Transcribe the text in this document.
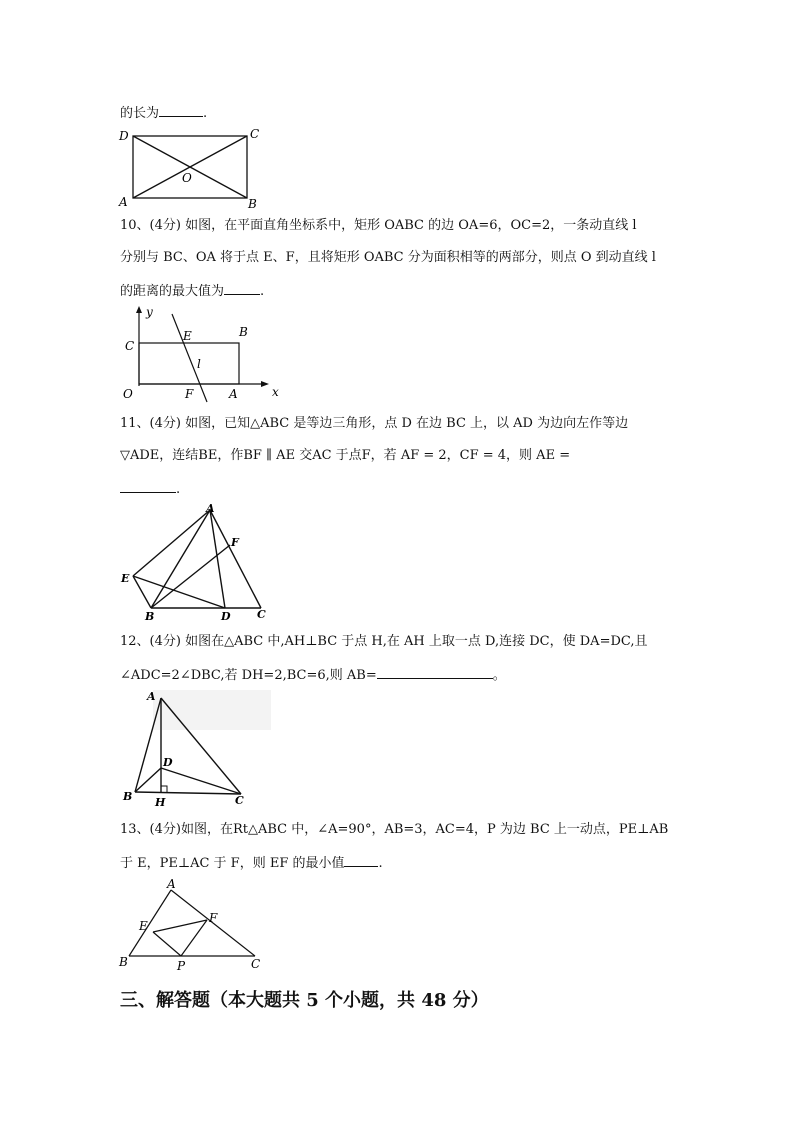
的长为	.
D	C
A	B
O
10、(4分) 如图，在平面直角坐标系中，矩形 OABC 的边 OA=6，OC=2，一条动直线 l
分别与 BC、OA 将于点 E、F，且将矩形 OABC 分为面积相等的两部分，则点 O 到动直线 l
的距离的最大值为	.
y
x
C
E	B
l
O	F	A
11、(4分) 如图，已知△ABC 是等边三角形，点 D 在边 BC 上，以 AD 为边向左作等边
▽ADE，连结BE，作BF ∥ AE 交AC 于点F，若 AF = 2，CF = 4，则 AE =
.
A
F
E
B	D C
12、(4分) 如图在△ABC 中,AH⊥BC 于点 H,在 AH 上取一点 D,连接 DC，使 DA=DC,且
∠ADC=2∠DBC,若 DH=2,BC=6,则 AB=	。
A
D
B H	C
13、(4分)如图，在Rt△ABC 中，∠A=90°，AB=3，AC=4，P 为边 BC 上一动点，PE⊥AB
于 E，PE⊥AC 于 F，则 EF 的最小值	.
A
E
F
B	P	C
三、解答题（本大题共 5 个小题，共 48 分）
